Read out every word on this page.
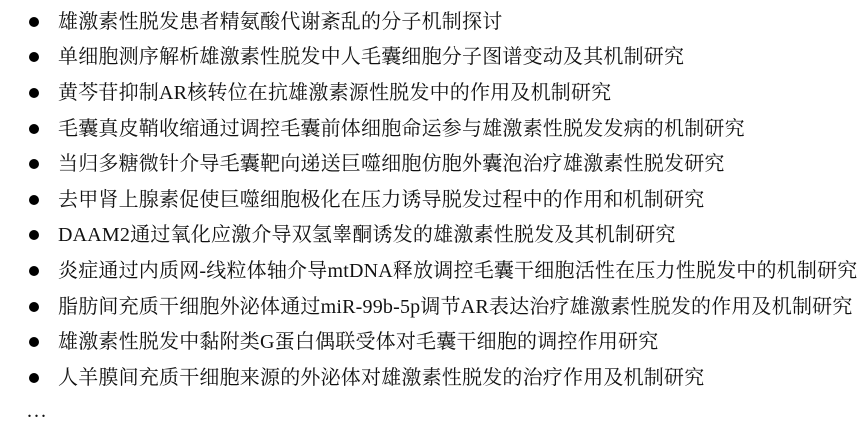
雄激素性脱发患者精氨酸代谢紊乱的分子机制探讨
单细胞测序解析雄激素性脱发中人毛囊细胞分子图谱变动及其机制研究
黄芩苷抑制AR核转位在抗雄激素源性脱发中的作用及机制研究
毛囊真皮鞘收缩通过调控毛囊前体细胞命运参与雄激素性脱发发病的机制研究
当归多糖微针介导毛囊靶向递送巨噬细胞仿胞外囊泡治疗雄激素性脱发研究
去甲肾上腺素促使巨噬细胞极化在压力诱导脱发过程中的作用和机制研究
DAAM2通过氧化应激介导双氢睾酮诱发的雄激素性脱发及其机制研究
炎症通过内质网-线粒体轴介导mtDNA释放调控毛囊干细胞活性在压力性脱发中的机制研究
脂肪间充质干细胞外泌体通过miR-99b-5p调节AR表达治疗雄激素性脱发的作用及机制研究
雄激素性脱发中黏附类G蛋白偶联受体对毛囊干细胞的调控作用研究
人羊膜间充质干细胞来源的外泌体对雄激素性脱发的治疗作用及机制研究
...
